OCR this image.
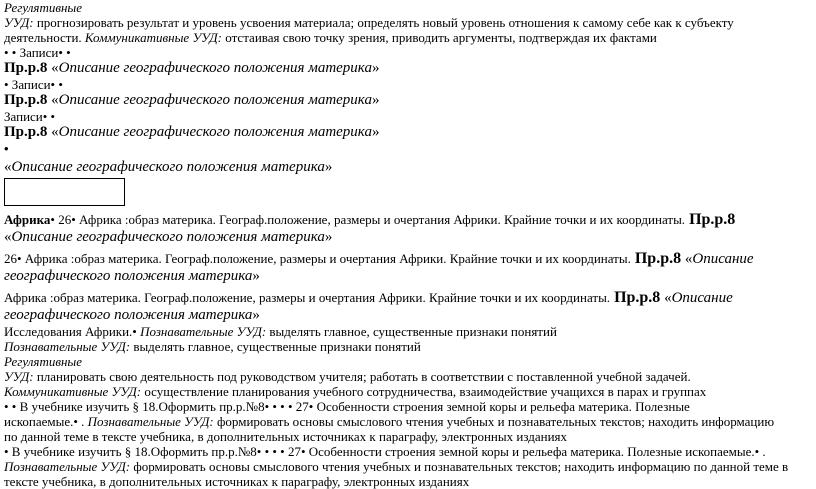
Регулятивные

УУД: прогнозировать результат и уровень усвоения материала; определять новый уровень отношения к самому себе как к субъекту

деятельности. Коммуникативные УУД: отстаивая свою точку зрения, приводить аргументы, подтверждая их фактами

• • Записи• •

Пр.р.8 «Описание географического положения материка»

• Записи• •

Пр.р.8 «Описание географического положения материка»

Записи• •

Пр.р.8 «Описание географического положения материка»

•

«Описание географического положения материка»

Африка• 26• Африка :образ материка. Географ.положение, размеры и очертания Африки. Крайние точки и их координаты. Пр.р.8

«Описание географического положения материка»

26• Африка :образ материка. Географ.положение, размеры и очертания Африки. Крайние точки и их координаты. Пр.р.8 «Описание

географического положения материка»

Африка :образ материка. Географ.положение, размеры и очертания Африки. Крайние точки и их координаты. Пр.р.8 «Описание

географического положения материка»

Исследования Африки.• Познавательные УУД: выделять главное, существенные признаки понятий

Познавательные УУД: выделять главное, существенные признаки понятий

Регулятивные

УУД: планировать свою деятельность под руководством учителя; работать в соответствии с поставленной учебной задачей.

Коммуникативные УУД: осуществление планирования учебного сотрудничества, взаимодействие учащихся в парах и группах

• • В учебнике изучить § 18.Оформить пр.р.№8• • • • 27• Особенности строения земной коры и рельефа материка. Полезные

ископаемые.• . Познавательные УУД: формировать основы смыслового чтения учебных и познавательных текстов; находить информацию

по данной теме в тексте учебника, в дополнительных источниках к параграфу, электронных изданиях

• В учебнике изучить § 18.Оформить пр.р.№8• • • • 27• Особенности строения земной коры и рельефа материка. Полезные ископаемые.• .

Познавательные УУД: формировать основы смыслового чтения учебных и познавательных текстов; находить информацию по данной теме в

тексте учебника, в дополнительных источниках к параграфу, электронных изданиях
